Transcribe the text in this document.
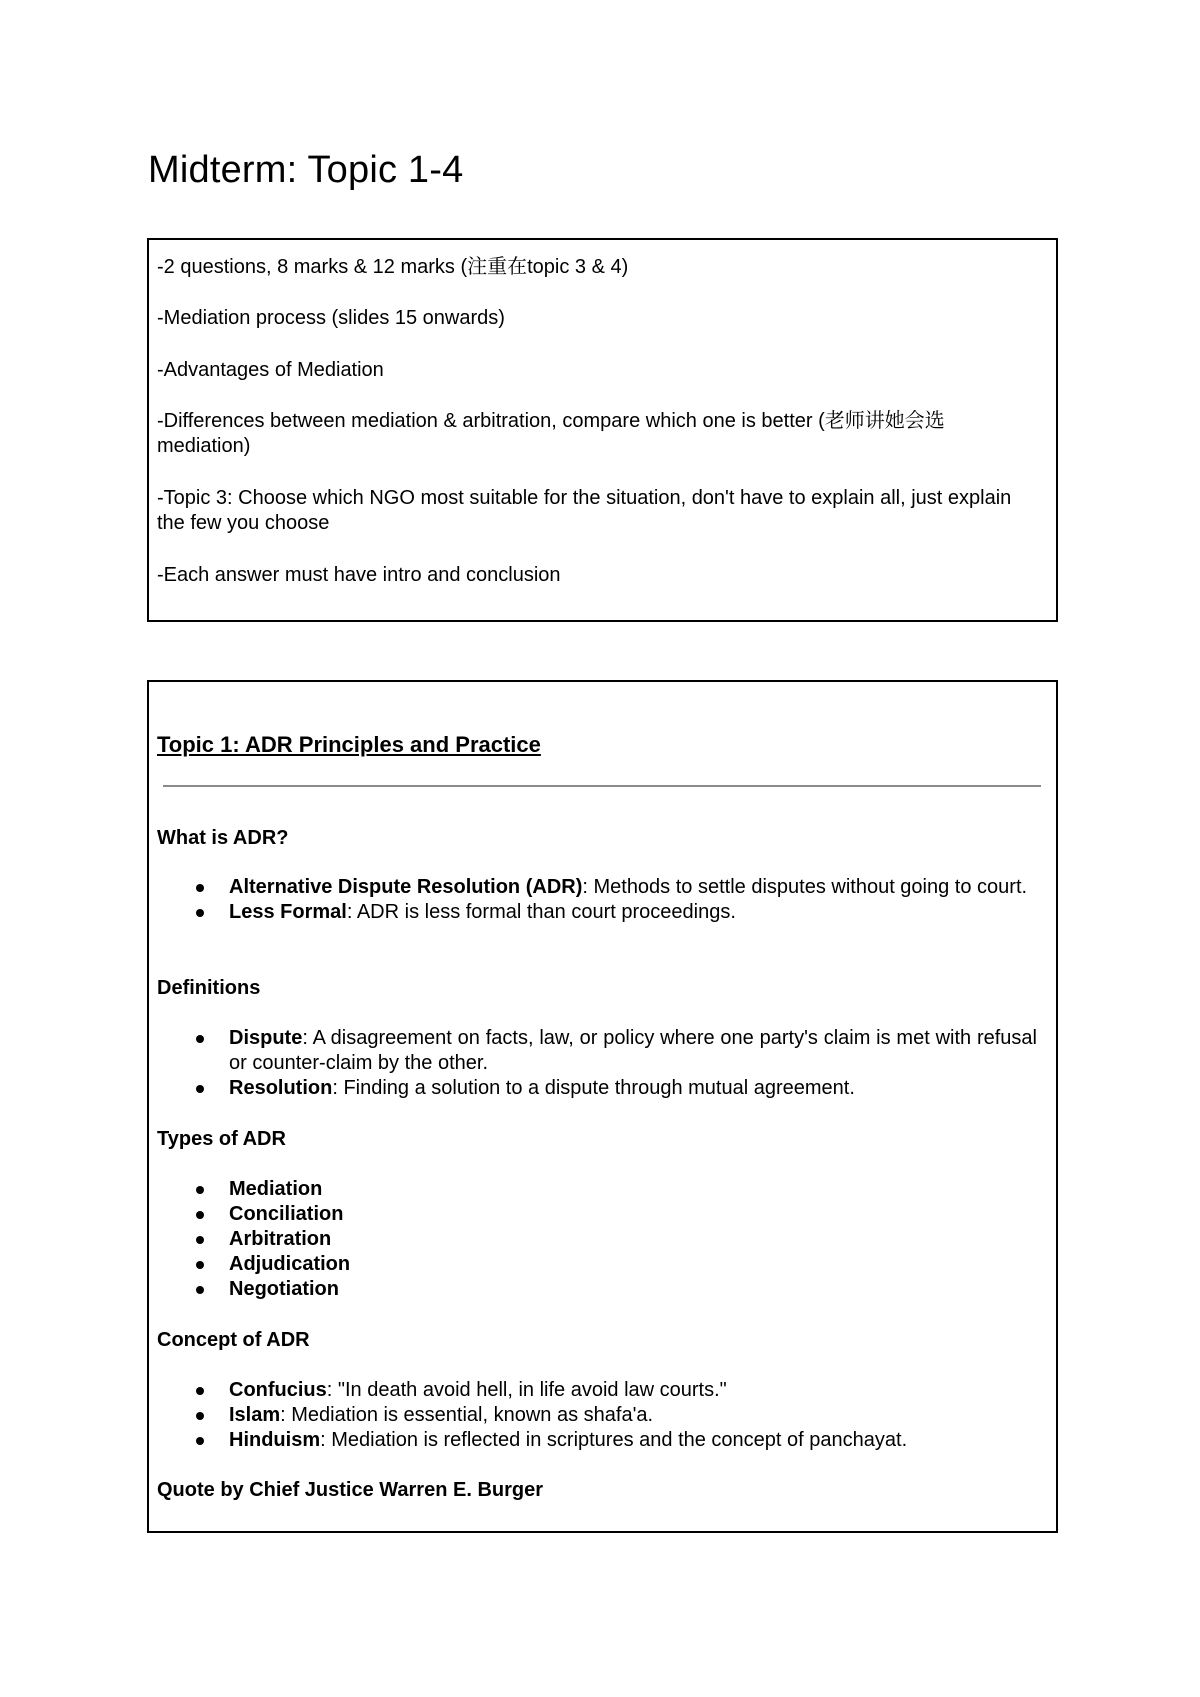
Midterm: Topic 1-4

-2 questions, 8 marks & 12 marks (注重在topic 3 & 4)

-Mediation process (slides 15 onwards)

-Advantages of Mediation

-Differences between mediation & arbitration, compare which one is better (老师讲她会选 mediation)

-Topic 3: Choose which NGO most suitable for the situation, don't have to explain all, just explain the few you choose

-Each answer must have intro and conclusion

Topic 1: ADR Principles and Practice
What is ADR?
Alternative Dispute Resolution (ADR): Methods to settle disputes without going to court.
Less Formal: ADR is less formal than court proceedings.
Definitions
Dispute: A disagreement on facts, law, or policy where one party's claim is met with refusal or counter-claim by the other.
Resolution: Finding a solution to a dispute through mutual agreement.
Types of ADR
Mediation
Conciliation
Arbitration
Adjudication
Negotiation
Concept of ADR
Confucius: "In death avoid hell, in life avoid law courts."
Islam: Mediation is essential, known as shafa'a.
Hinduism: Mediation is reflected in scriptures and the concept of panchayat.
Quote by Chief Justice Warren E. Burger
